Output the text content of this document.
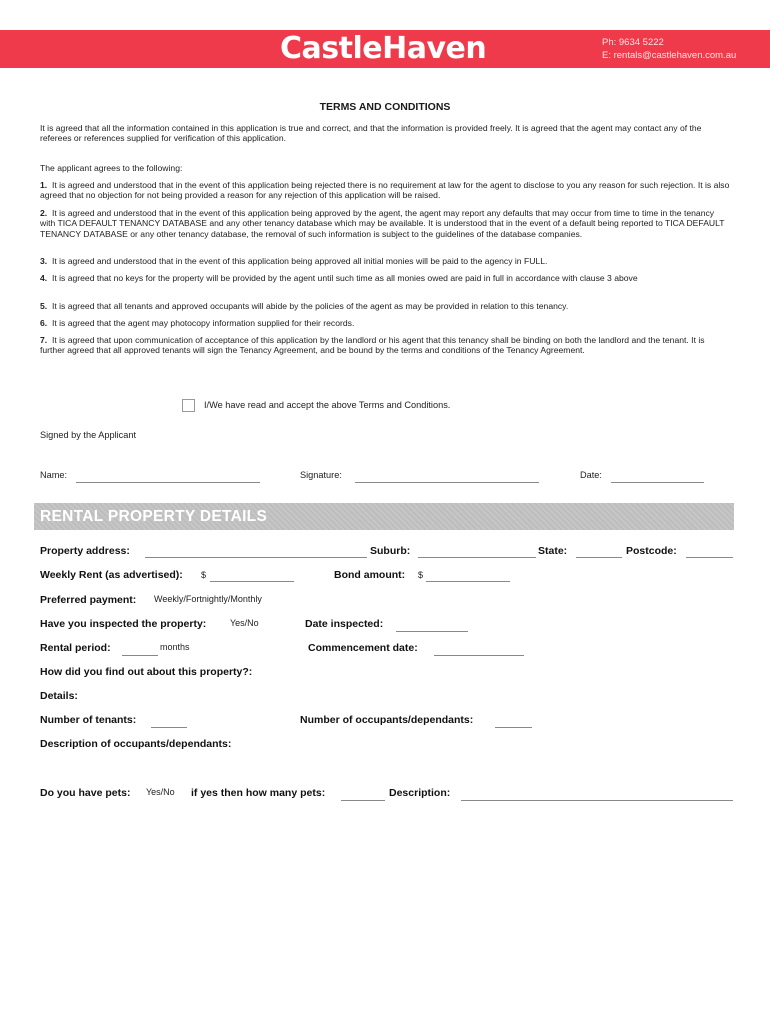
CastleHaven	Ph: 9634 5222
E: rentals@castlehaven.com.au
TERMS AND CONDITIONS
It is agreed that all the information contained in this application is true and correct, and that the information is provided freely. It is agreed that the agent may contact any of the referees or references supplied for verification of this application.
The applicant agrees to the following:
1. It is agreed and understood that in the event of this application being rejected there is no requirement at law for the agent to disclose to you any reason for such rejection. It is also agreed that no objection for not being provided a reason for any rejection of this application will be raised.
2. It is agreed and understood that in the event of this application being approved by the agent, the agent may report any defaults that may occur from time to time in the tenancy with TICA DEFAULT TENANCY DATABASE and any other tenancy database which may be available. It is understood that in the event of a default being reported to TICA DEFAULT TENANCY DATABASE or any other tenancy database, the removal of such information is subject to the guidelines of the database companies.
3. It is agreed and understood that in the event of this application being approved all initial monies will be paid to the agency in FULL.
4. It is agreed that no keys for the property will be provided by the agent until such time as all monies owed are paid in full in accordance with clause 3 above
5. It is agreed that all tenants and approved occupants will abide by the policies of the agent as may be provided in relation to this tenancy.
6. It is agreed that the agent may photocopy information supplied for their records.
7. It is agreed that upon communication of acceptance of this application by the landlord or his agent that this tenancy shall be binding on both the landlord and the tenant. It is further agreed that all approved tenants will sign the Tenancy Agreement, and be bound by the terms and conditions of the Tenancy Agreement.
I/We have read and accept the above Terms and Conditions.
Signed by the Applicant
Name:	Signature:	Date:
RENTAL PROPERTY DETAILS
Property address:	Suburb:	State:	Postcode:
Weekly Rent (as advertised): $	Bond amount: $
Preferred payment: Weekly/Fortnightly/Monthly
Have you inspected the property:	Yes/No	Date inspected:
Rental period:	months	Commencement date:
How did you find out about this property?:
Details:
Number of tenants:	Number of occupants/dependants:
Description of occupants/dependants:
Do you have pets: Yes/No if yes then how many pets:	Description:
